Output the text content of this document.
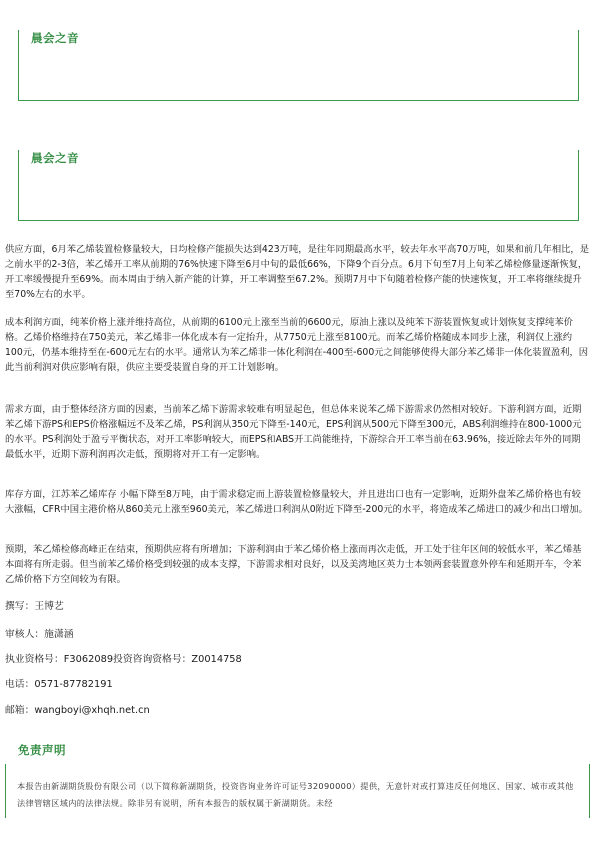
晨会之音
晨会之音

供应方面，6月苯乙烯装置检修量较大，日均检修产能损失达到423万吨，是往年同期最高水平，较去年水平高70万吨，如果和前几年相比，是之前水平的2-3倍，苯乙烯开工率从前期的76%快速下降至6月中旬的最低66%，下降9个百分点。6月下旬至7月上旬苯乙烯检修量逐渐恢复，开工率缓慢提升至69%。而本周由于纳入新产能的计算，开工率调整至67.2%。预期7月中下旬随着检修产能的快速恢复，开工率将继续提升至70%左右的水平。

成本利润方面，纯苯价格上涨并维持高位，从前期的6100元上涨至当前的6600元，原油上涨以及纯苯下游装置恢复或计划恢复支撑纯苯价格。乙烯价格维持在750美元，苯乙烯非一体化成本有一定抬升，从7750元上涨至8100元。而苯乙烯价格随成本同步上涨，利润仅上涨约100元，仍基本维持至在-600元左右的水平。通常认为苯乙烯非一体化利润在-400至-600元之间能够使得大部分苯乙烯非一体化装置盈利，因此当前利润对供应影响有限，供应主要受装置自身的开工计划影响。

需求方面，由于整体经济方面的因素，当前苯乙烯下游需求较难有明显起色，但总体来说苯乙烯下游需求仍然相对较好。下游利润方面，近期苯乙烯下游PS和EPS价格涨幅远不及苯乙烯，PS利润从350元下降至-140元，EPS利润从500元下降至300元，ABS利润维持在800-1000元的水平。PS利润处于盈亏平衡状态，对开工率影响较大，而EPS和ABS开工尚能维持，下游综合开工率当前在63.96%，接近除去年外的同期最低水平，近期下游利润再次走低，预期将对开工有一定影响。

库存方面，江苏苯乙烯库存 小幅下降至8万吨，由于需求稳定而上游装置检修量较大，并且进出口也有一定影响，近期外盘苯乙烯价格也有较大涨幅，CFR中国主港价格从860美元上涨至960美元，苯乙烯进口利润从0附近下降至-200元的水平，将造成苯乙烯进口的减少和出口增加。

预期，苯乙烯检修高峰正在结束，预期供应将有所增加；下游利润由于苯乙烯价格上涨而再次走低，开工处于往年区间的较低水平，苯乙烯基本面将有所走弱。但当前苯乙烯价格受到较强的成本支撑，下游需求相对良好，以及美湾地区英力士本领两套装置意外停车和延期开车，令苯乙烯价格下方空间较为有限。

撰写：王博艺
审核人：施潇涵
执业资格号：F3062089投资咨询资格号：Z0014758
电话：0571-87782191
邮箱：wangboyi@xhqh.net.cn
免责声明
本报告由新湖期货股份有限公司（以下简称新湖期货，投资咨询业务许可证号32090000）提供，无意针对或打算违反任何地区、国家、城市或其他法律管辖区域内的法律法规。除非另有说明，所有本报告的版权属于新湖期货。未经
